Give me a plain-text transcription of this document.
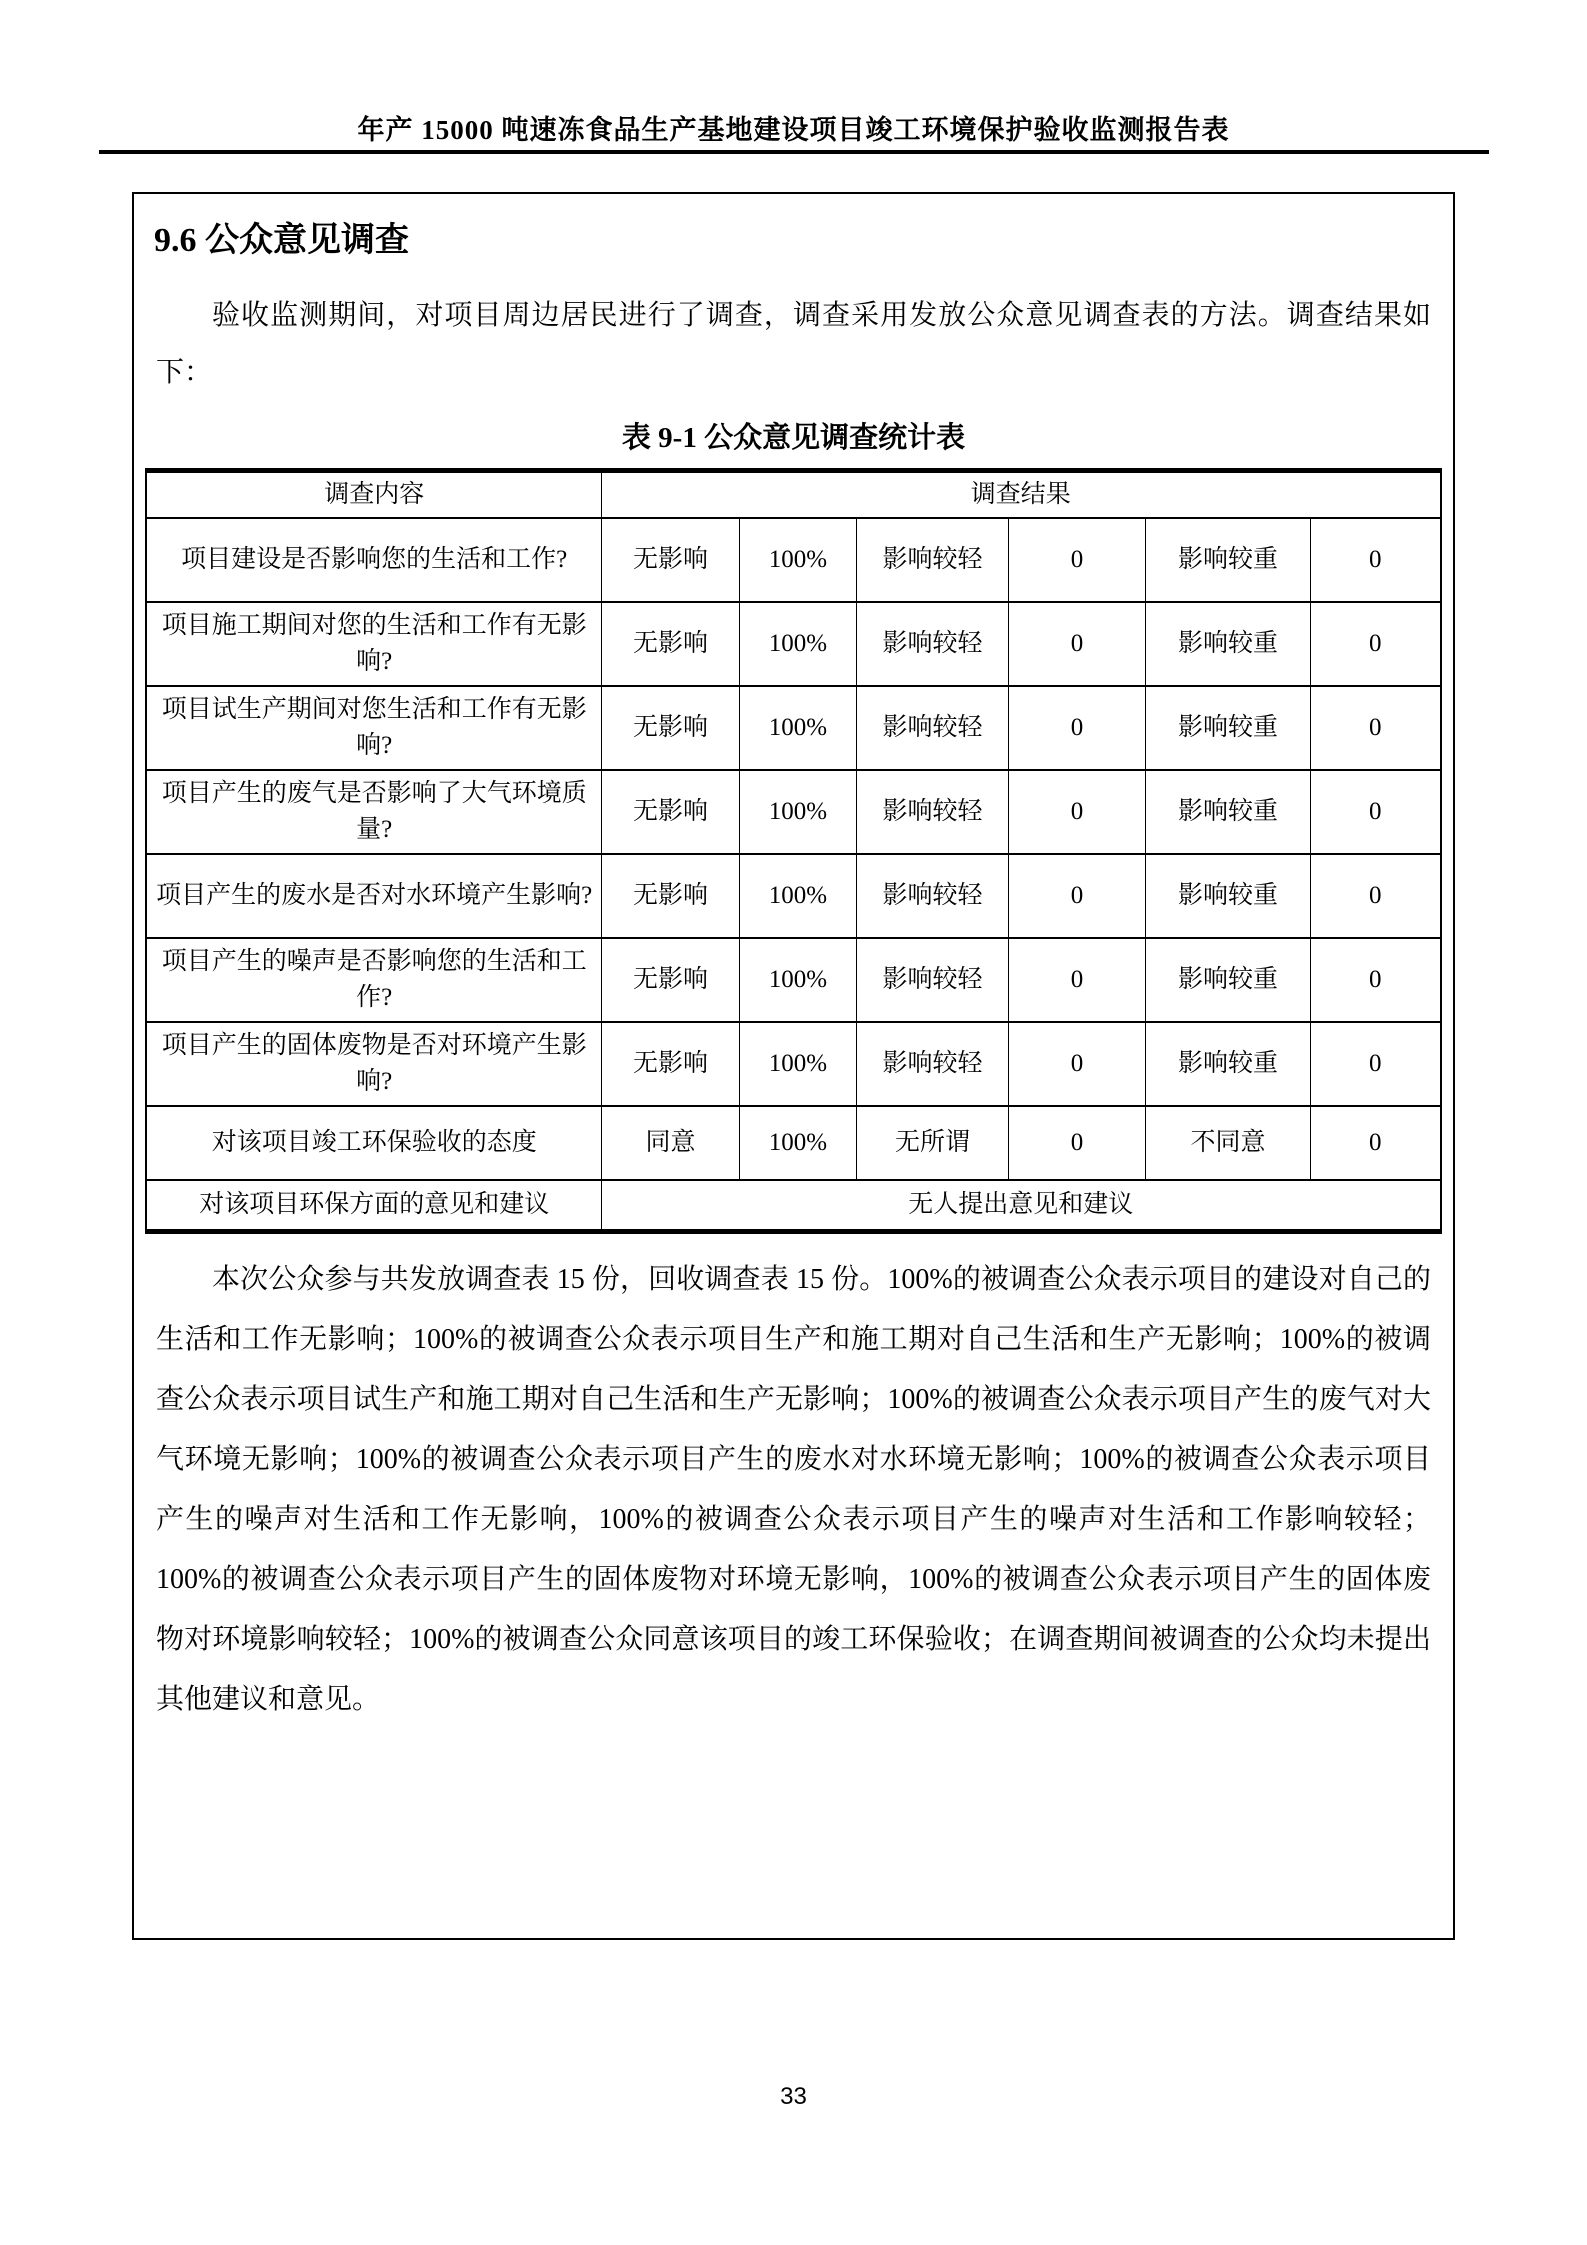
年产 15000 吨速冻食品生产基地建设项目竣工环境保护验收监测报告表
9.6 公众意见调查
验收监测期间，对项目周边居民进行了调查，调查采用发放公众意见调查表的方法。调查结果如下：
表 9-1 公众意见调查统计表
调查内容	调查结果					
项目建设是否影响您的生活和工作?	无影响	100%	影响较轻	0	影响较重	0
项目施工期间对您的生活和工作有无影响?	无影响	100%	影响较轻	0	影响较重	0
项目试生产期间对您生活和工作有无影响?	无影响	100%	影响较轻	0	影响较重	0
项目产生的废气是否影响了大气环境质量?	无影响	100%	影响较轻	0	影响较重	0
项目产生的废水是否对水环境产生影响?	无影响	100%	影响较轻	0	影响较重	0
项目产生的噪声是否影响您的生活和工作?	无影响	100%	影响较轻	0	影响较重	0
项目产生的固体废物是否对环境产生影响?	无影响	100%	影响较轻	0	影响较重	0
对该项目竣工环保验收的态度	同意	100%	无所谓	0	不同意	0
对该项目环保方面的意见和建议	无人提出意见和建议					
本次公众参与共发放调查表 15 份，回收调查表 15 份。100%的被调查公众表示项目的建设对自己的生活和工作无影响；100%的被调查公众表示项目生产和施工期对自己生活和生产无影响；100%的被调查公众表示项目试生产和施工期对自己生活和生产无影响；100%的被调查公众表示项目产生的废气对大气环境无影响；100%的被调查公众表示项目产生的废水对水环境无影响；100%的被调查公众表示项目产生的噪声对生活和工作无影响，100%的被调查公众表示项目产生的噪声对生活和工作影响较轻；100%的被调查公众表示项目产生的固体废物对环境无影响，100%的被调查公众表示项目产生的固体废物对环境影响较轻；100%的被调查公众同意该项目的竣工环保验收；在调查期间被调查的公众均未提出其他建议和意见。
33
